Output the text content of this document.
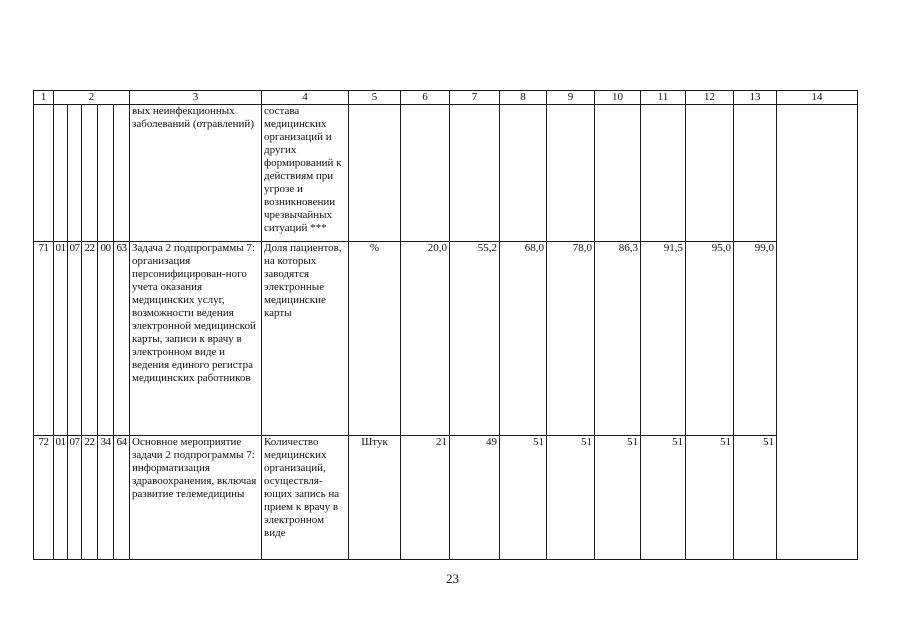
1	2					3	4	5	6	7	8	9	10	11	12	13	14
						вых неинфекционных заболеваний (отравлений)	состава медицинских организаций и других формирований к действиям при угрозе и возникновении чрезвычайных ситуаций ***										
71	01	07	22	00	63	Задача 2 подпрограммы 7: организация персонифицирован-ного учета оказания медицинских услуг, возможности ведения электронной медицинской карты, записи к врачу в электронном виде и ведения единого регистра медицинских работников	Доля пациентов, на которых заводятся электронные медицинские карты	%	20,0	55,2	68,0	78,0	86,3	91,5	95,0	99,0	
72	01	07	22	34	64	Основное мероприятие задачи 2 подпрограммы 7: информатизация здравоохранения, включая развитие телемедицины	Количество медицинских организаций, осуществля-ющих запись на прием к врачу в электронном виде	Штук	21	49	51	51	51	51	51	51	
23
